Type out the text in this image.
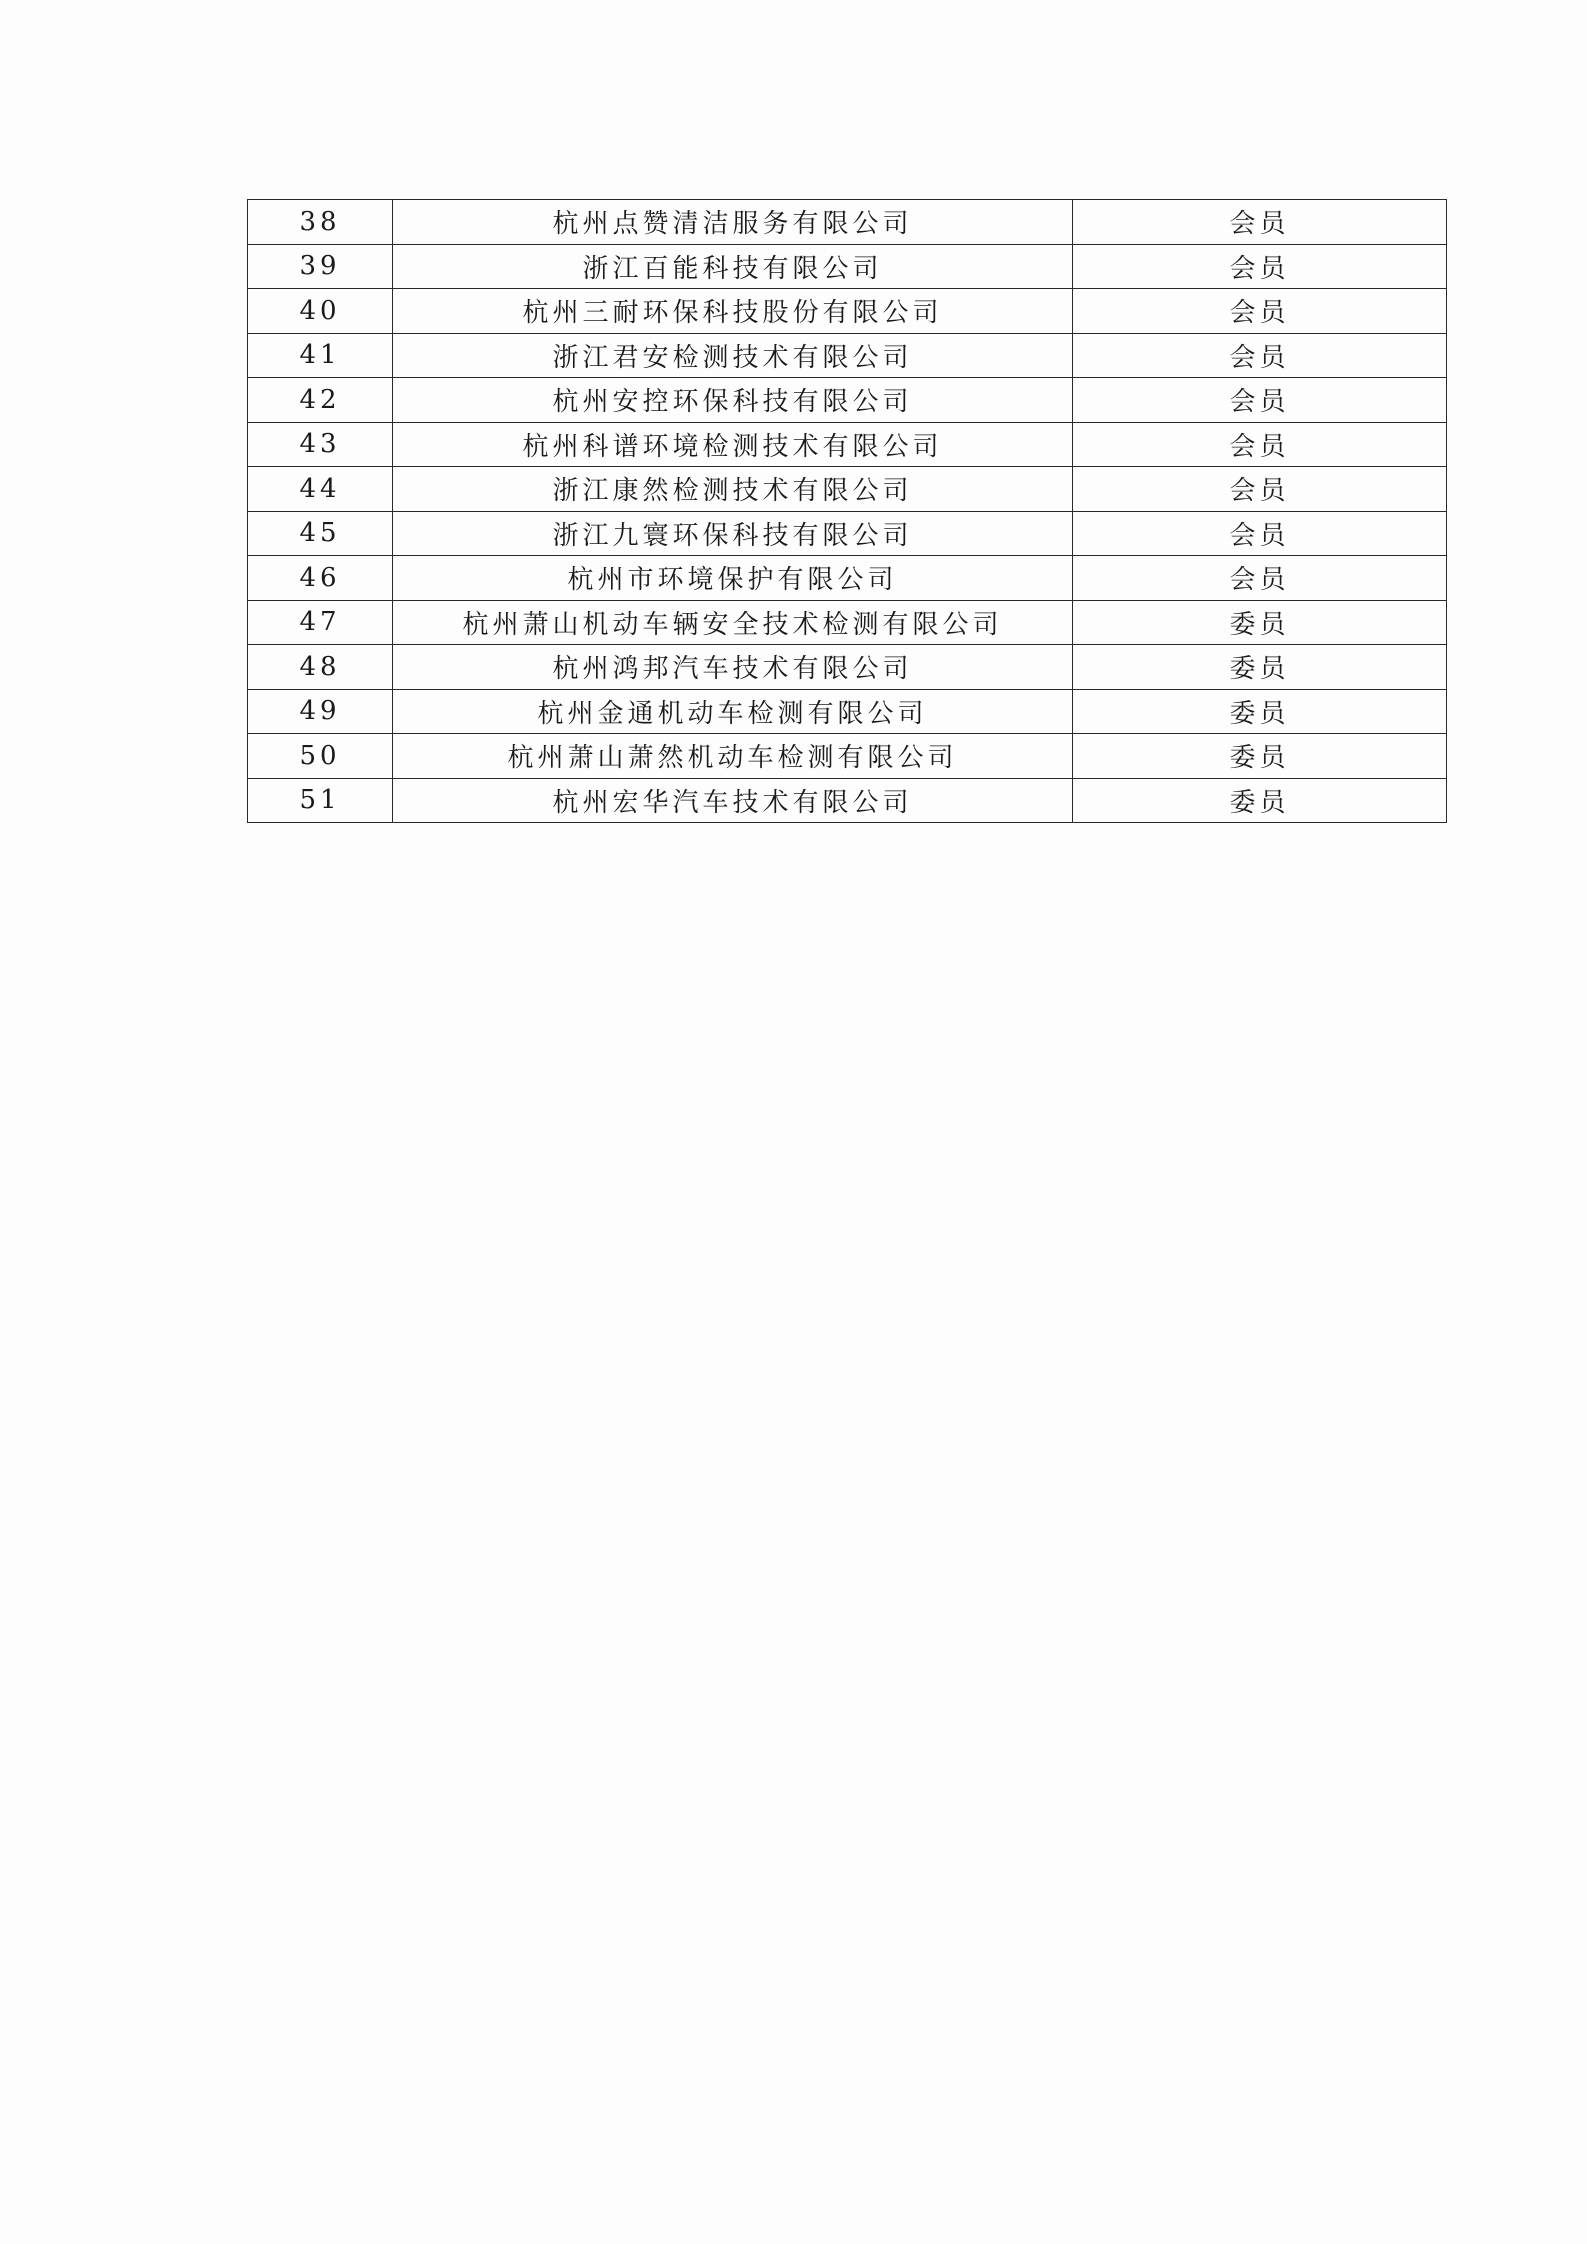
38	杭州点赞清洁服务有限公司	会员
39	浙江百能科技有限公司	会员
40	杭州三耐环保科技股份有限公司	会员
41	浙江君安检测技术有限公司	会员
42	杭州安控环保科技有限公司	会员
43	杭州科谱环境检测技术有限公司	会员
44	浙江康然检测技术有限公司	会员
45	浙江九寰环保科技有限公司	会员
46	杭州市环境保护有限公司	会员
47	杭州萧山机动车辆安全技术检测有限公司	委员
48	杭州鸿邦汽车技术有限公司	委员
49	杭州金通机动车检测有限公司	委员
50	杭州萧山萧然机动车检测有限公司	委员
51	杭州宏华汽车技术有限公司	委员
